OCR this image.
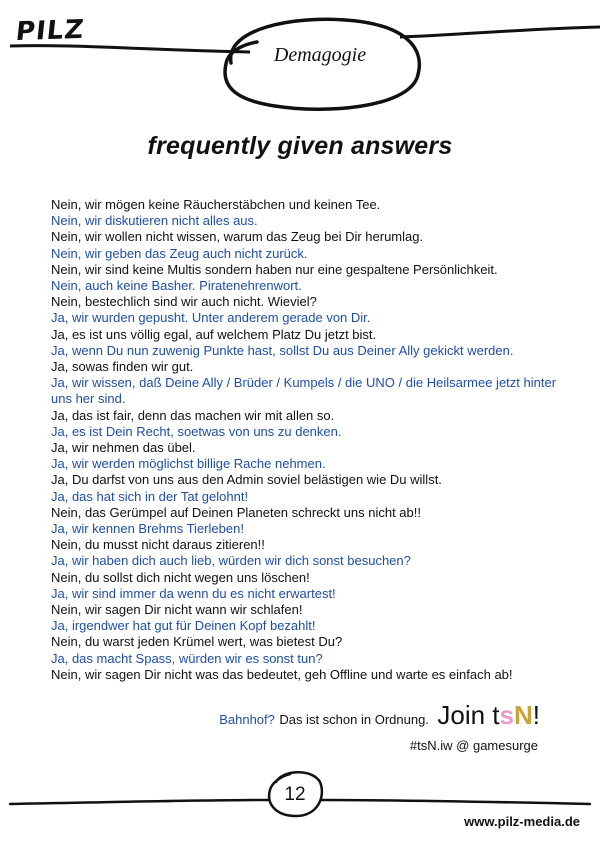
PILZ
Demagogie
frequently given answers
Nein, wir mögen keine Räucherstäbchen und keinen Tee.
Nein, wir diskutieren nicht alles aus.
Nein, wir wollen nicht wissen, warum das Zeug bei Dir herumlag.
Nein, wir geben das Zeug auch nicht zurück.
Nein, wir sind keine Multis sondern haben nur eine gespaltene Persönlichkeit.
Nein, auch keine Basher. Piratenehrenwort.
Nein, bestechlich sind wir auch nicht. Wieviel?
Ja, wir wurden gepusht. Unter anderem gerade von Dir.
Ja, es ist uns völlig egal, auf welchem Platz Du jetzt bist.
Ja, wenn Du nun zuwenig Punkte hast, sollst Du aus Deiner Ally gekickt werden.
Ja, sowas finden wir gut.
Ja, wir wissen, daß Deine Ally / Brüder / Kumpels / die UNO / die Heilsarmee jetzt hinter uns her sind.
Ja, das ist fair, denn das machen wir mit allen so.
Ja, es ist Dein Recht, soetwas von uns zu denken.
Ja, wir nehmen das übel.
Ja, wir werden möglichst billige Rache nehmen.
Ja, Du darfst von uns aus den Admin soviel belästigen wie Du willst.
Ja, das hat sich in der Tat gelohnt!
Nein, das Gerümpel auf Deinen Planeten schreckt uns nicht ab!!
Ja, wir kennen Brehms Tierleben!
Nein, du musst nicht daraus zitieren!!
Ja, wir haben dich auch lieb, würden wir dich sonst besuchen?
Nein, du sollst dich nicht wegen uns löschen!
Ja, wir sind immer da wenn du es nicht erwartest!
Nein, wir sagen Dir nicht wann wir schlafen!
Ja, irgendwer hat gut für Deinen Kopf bezahlt!
Nein, du warst jeden Krümel wert, was bietest Du?
Ja, das macht Spass, würden wir es sonst tun?
Nein, wir sagen Dir nicht was das bedeutet, geh Offline und warte es einfach ab!
Bahnhof? Das ist schon in Ordnung. Join tsN!
#tsN.iw @ gamesurge
12
www.pilz-media.de
